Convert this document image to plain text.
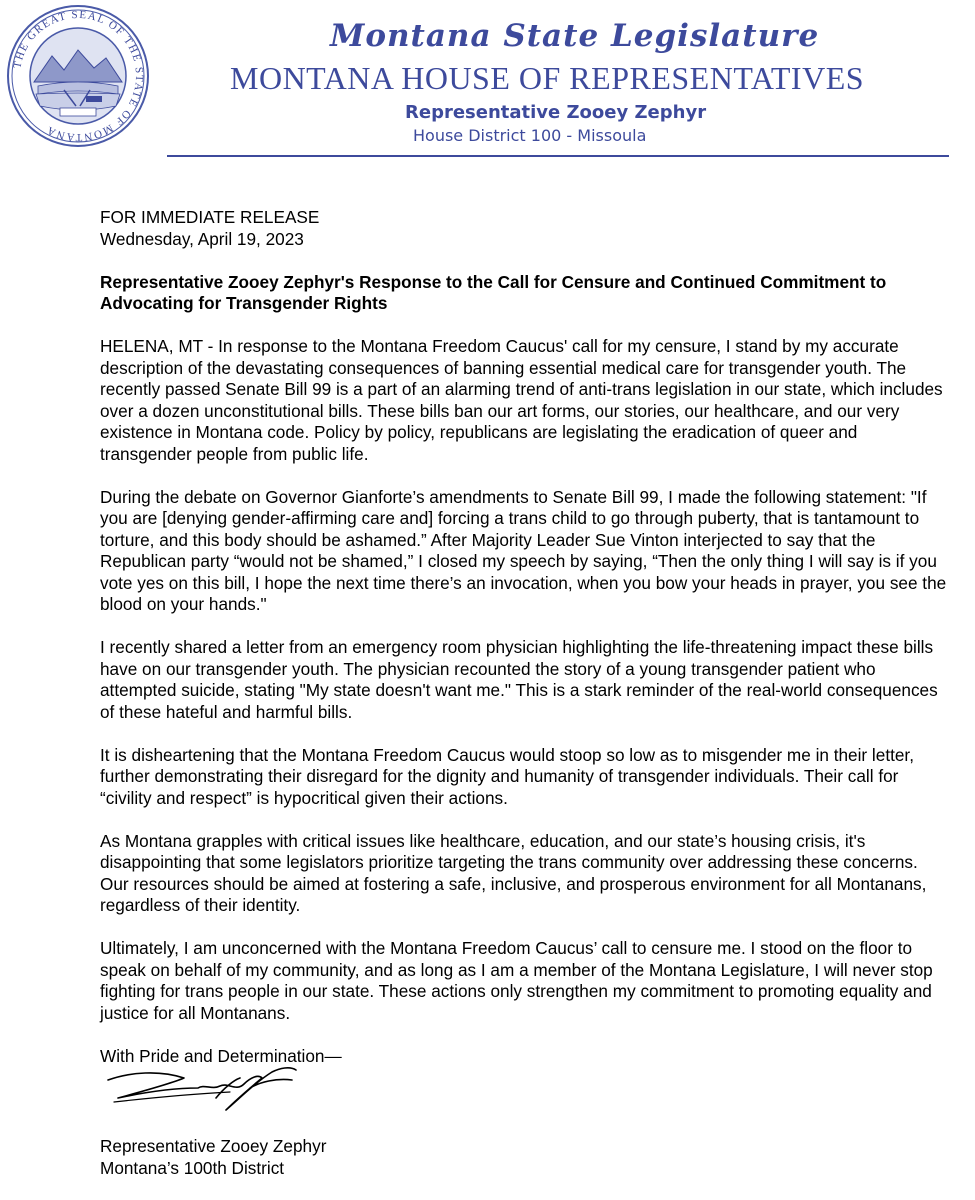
THE GREAT SEAL OF THE STATE OF MONTANA
Montana State Legislature
MONTANA HOUSE OF REPRESENTATIVES
Representative Zooey Zephyr
House District 100 - Missoula

FOR IMMEDIATE RELEASE
Wednesday, April 19, 2023

Representative Zooey Zephyr's Response to the Call for Censure and Continued Commitment to Advocating for Transgender Rights

HELENA, MT - In response to the Montana Freedom Caucus' call for my censure, I stand by my accurate description of the devastating consequences of banning essential medical care for transgender youth. The recently passed Senate Bill 99 is a part of an alarming trend of anti-trans legislation in our state, which includes over a dozen unconstitutional bills. These bills ban our art forms, our stories, our healthcare, and our very existence in Montana code. Policy by policy, republicans are legislating the eradication of queer and transgender people from public life.

During the debate on Governor Gianforte’s amendments to Senate Bill 99, I made the following statement: "If you are [denying gender-affirming care and] forcing a trans child to go through puberty, that is tantamount to torture, and this body should be ashamed.” After Majority Leader Sue Vinton interjected to say that the Republican party “would not be shamed,” I closed my speech by saying, “Then the only thing I will say is if you vote yes on this bill, I hope the next time there’s an invocation, when you bow your heads in prayer, you see the blood on your hands."

I recently shared a letter from an emergency room physician highlighting the life-threatening impact these bills have on our transgender youth. The physician recounted the story of a young transgender patient who attempted suicide, stating "My state doesn't want me." This is a stark reminder of the real-world consequences of these hateful and harmful bills.

It is disheartening that the Montana Freedom Caucus would stoop so low as to misgender me in their letter, further demonstrating their disregard for the dignity and humanity of transgender individuals. Their call for “civility and respect” is hypocritical given their actions.

As Montana grapples with critical issues like healthcare, education, and our state’s housing crisis, it's disappointing that some legislators prioritize targeting the trans community over addressing these concerns. Our resources should be aimed at fostering a safe, inclusive, and prosperous environment for all Montanans, regardless of their identity.

Ultimately, I am unconcerned with the Montana Freedom Caucus’ call to censure me. I stood on the floor to speak on behalf of my community, and as long as I am a member of the Montana Legislature, I will never stop fighting for trans people in our state. These actions only strengthen my commitment to promoting equality and justice for all Montanans.

With Pride and Determination—

Representative Zooey Zephyr
Montana’s 100th District
